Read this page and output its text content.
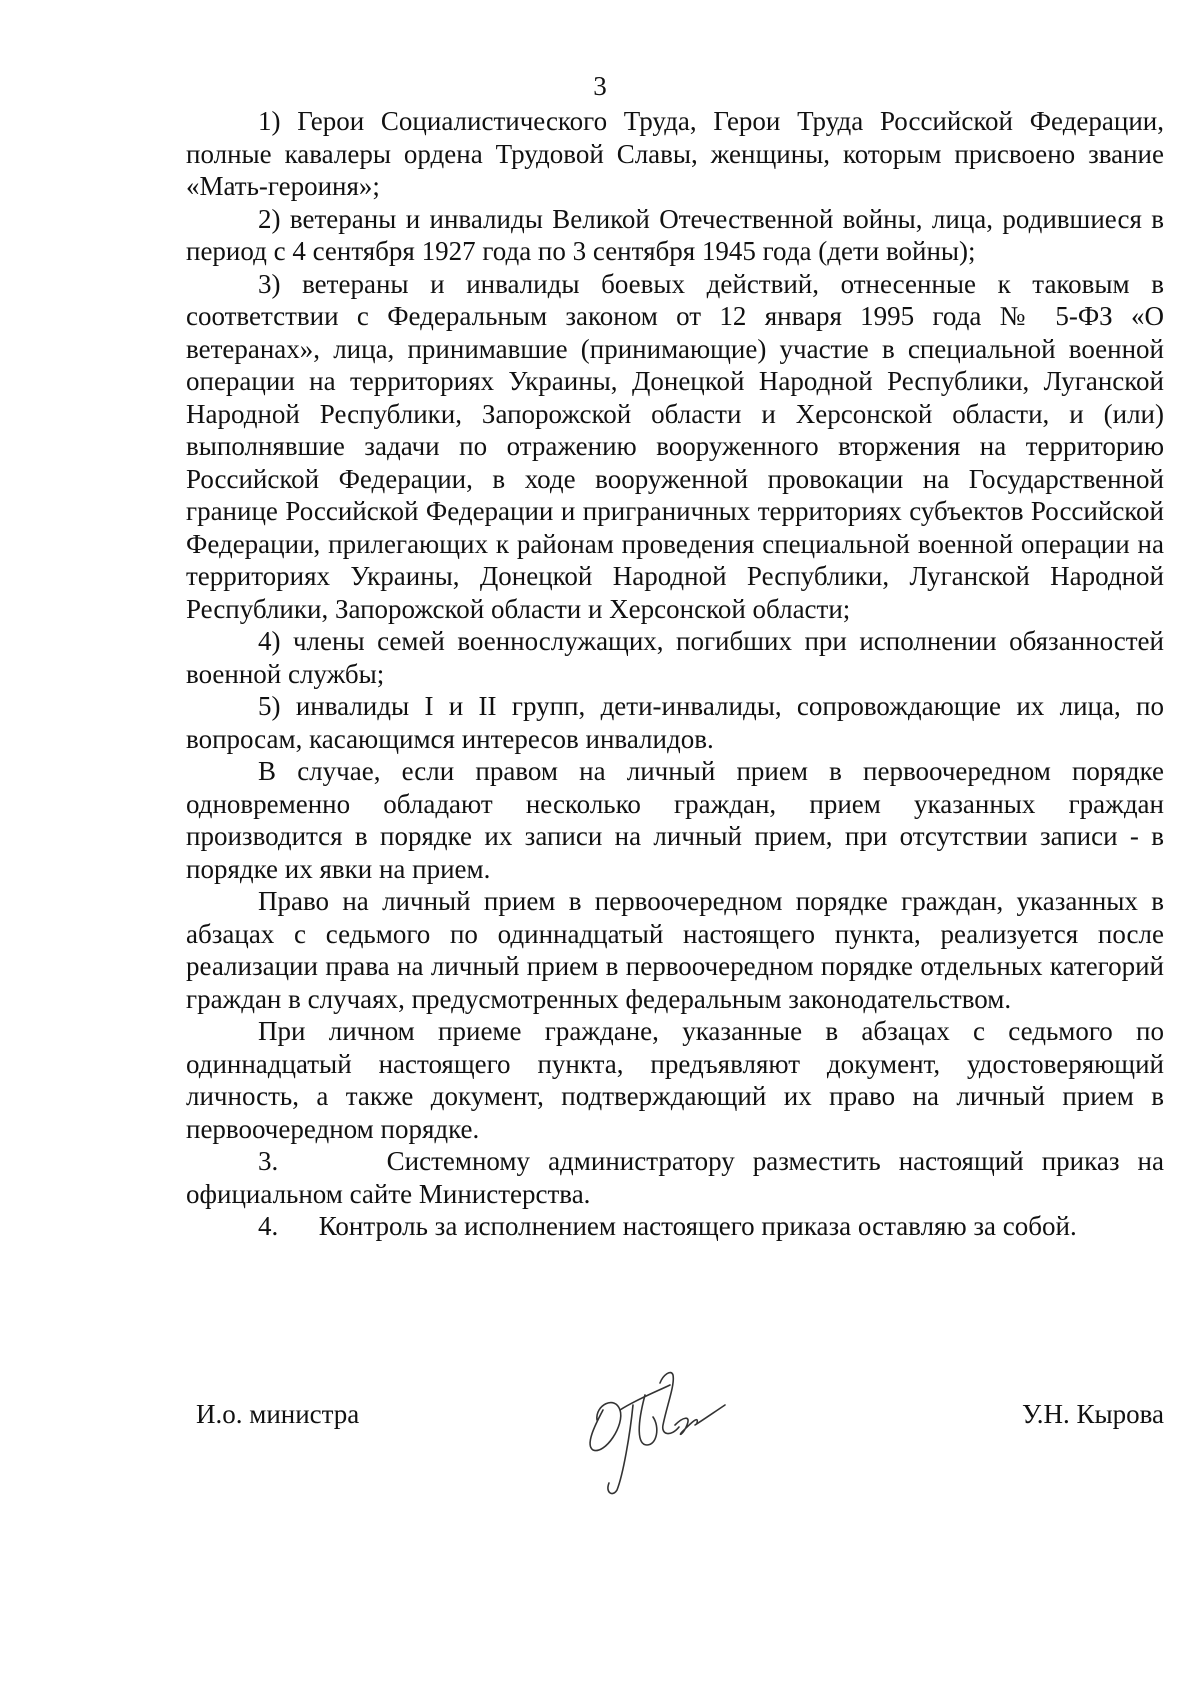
3

1) Герои Социалистического Труда, Герои Труда Российской Федерации, полные кавалеры ордена Трудовой Славы, женщины, которым присвоено звание «Мать-героиня»;

2) ветераны и инвалиды Великой Отечественной войны, лица, родившиеся в период с 4 сентября 1927 года по 3 сентября 1945 года (дети войны);

3) ветераны и инвалиды боевых действий, отнесенные к таковым в соответствии с Федеральным законом от 12 января 1995 года № 5-ФЗ «О ветеранах», лица, принимавшие (принимающие) участие в специальной военной операции на территориях Украины, Донецкой Народной Республики, Луганской Народной Республики, Запорожской области и Херсонской области, и (или) выполнявшие задачи по отражению вооруженного вторжения на территорию Российской Федерации, в ходе вооруженной провокации на Государственной границе Российской Федерации и приграничных территориях субъектов Российской Федерации, прилегающих к районам проведения специальной военной операции на территориях Украины, Донецкой Народной Республики, Луганской Народной Республики, Запорожской области и Херсонской области;

4) члены семей военнослужащих, погибших при исполнении обязанностей военной службы;

5) инвалиды I и II групп, дети-инвалиды, сопровождающие их лица, по вопросам, касающимся интересов инвалидов.

В случае, если правом на личный прием в первоочередном порядке одновременно обладают несколько граждан, прием указанных граждан производится в порядке их записи на личный прием, при отсутствии записи - в порядке их явки на прием.

Право на личный прием в первоочередном порядке граждан, указанных в абзацах с седьмого по одиннадцатый настоящего пункта, реализуется после реализации права на личный прием в первоочередном порядке отдельных категорий граждан в случаях, предусмотренных федеральным законодательством.

При личном приеме граждане, указанные в абзацах с седьмого по одиннадцатый настоящего пункта, предъявляют документ, удостоверяющий личность, а также документ, подтверждающий их право на личный прием в первоочередном порядке.

3.      Системному администратору разместить настоящий приказ на официальном сайте Министерства.

4.      Контроль за исполнением настоящего приказа оставляю за собой.

И.о. министра	У.Н. Кырова
